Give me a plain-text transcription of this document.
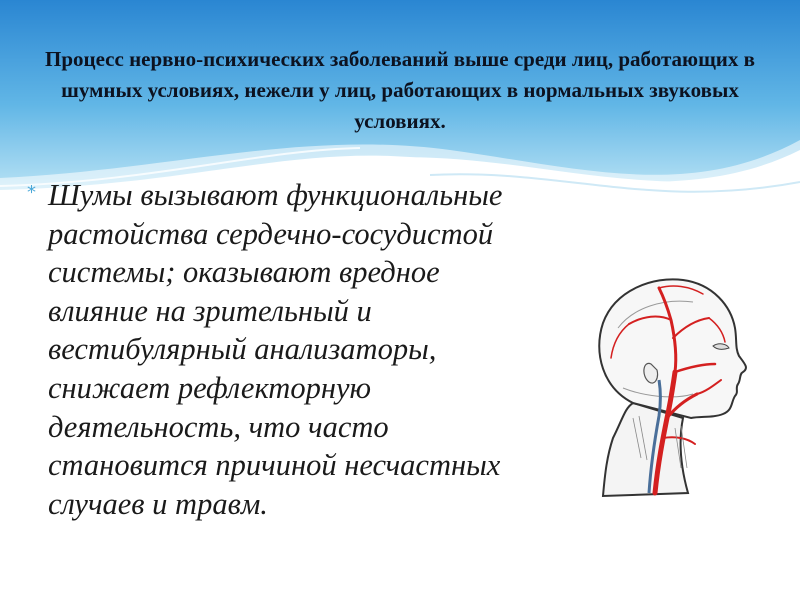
Процесс нервно-психических заболеваний выше среди лиц, работающих в шумных условиях, нежели у лиц, работающих в нормальных звуковых условиях.
* Шумы вызывают функциональные растойства сердечно-сосудистой системы; оказывают вредное влияние на зрительный и вестибулярный анализаторы, снижает рефлекторную деятельность, что часто становится причиной несчастных случаев и травм.
